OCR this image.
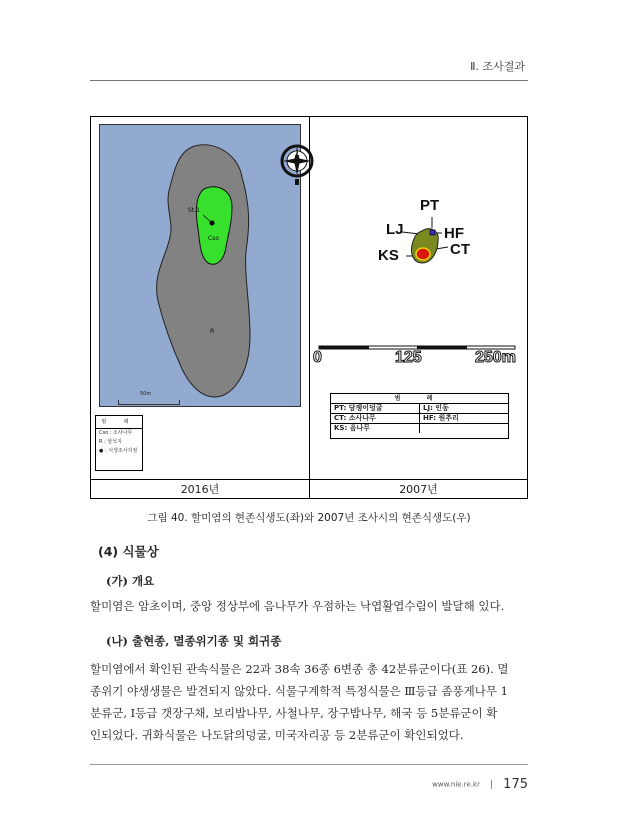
Ⅱ. 조사결과
St.1
Cso
R
50m
범 례
Cso : 소사나무
R : 암석지
● : 식생조사지점
N
PT
LJ	HF
KS	CT
0	125	250m
범 례
PT: 담쟁이덩굴	LJ: 인동
CT: 소사나무	HF: 원추리
KS: 음나무
2016년	2007년
그림 40. 할미염의 현존식생도(좌)와 2007년 조사시의 현존식생도(우)
(4) 식물상
(가) 개요
할미염은 암초이며, 중앙 정상부에 음나무가 우점하는 낙엽활엽수림이 발달해 있다.
(나) 출현종, 멸종위기종 및 희귀종
할미염에서 확인된 관속식물은 22과 38속 36종 6변종 총 42분류군이다(표 26). 멸
종위기 야생생물은 발견되지 않았다. 식물구계학적 특정식물은 Ⅲ등급 좀풍게나무 1
분류군, Ⅰ등급 갯장구채, 보리밥나무, 사철나무, 장구밥나무, 해국 등 5분류군이 확
인되었다. 귀화식물은 나도닭의덩굴, 미국자리공 등 2분류군이 확인되었다.
www.nie.re.kr 175
